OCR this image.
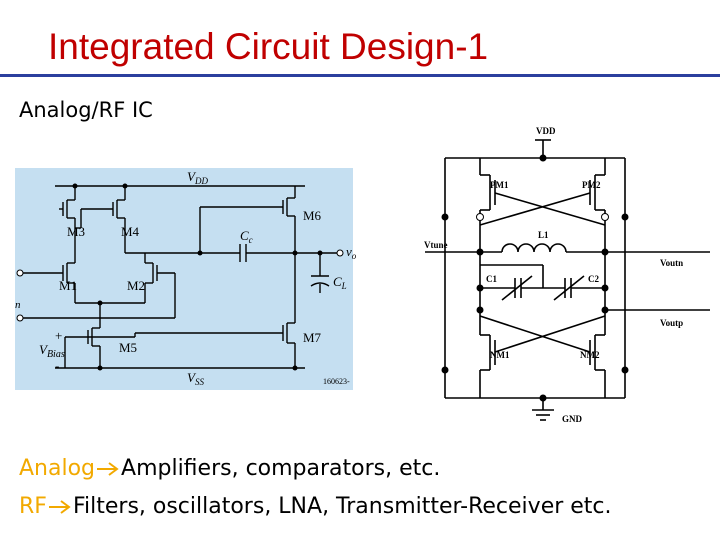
Integrated Circuit Design-1
Analog/RF IC
$V_{DD}$
M3	M4
M6
M1	M2
M5
M7
$C_c$
$C_L$
$v_o$
n
+
$V_{Bias}$
-
$V_{SS}$	160623-
VDD
PM1	PM2
L1
Vtune
C1	C2
Voutn
Voutp
NM1	NM2
GND
Analog Amplifiers, comparators, etc.
RF Filters, oscillators, LNA, Transmitter-Receiver etc.
